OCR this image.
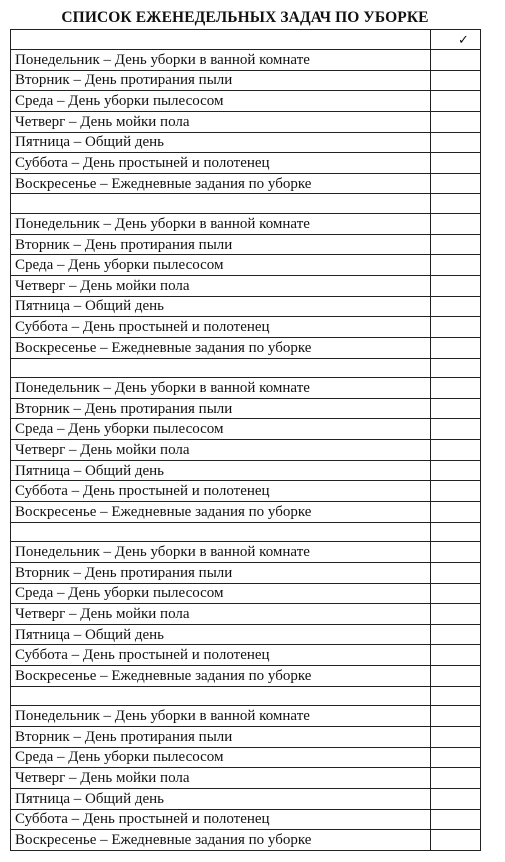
СПИСОК ЕЖЕНЕДЕЛЬНЫХ ЗАДАЧ ПО УБОРКЕ
	✓
Понедельник – День уборки в ванной комнате	
Вторник – День протирания пыли	
Среда – День уборки пылесосом	
Четверг – День мойки пола	
Пятница – Общий день	
Суббота – День простыней и полотенец	
Воскресенье – Ежедневные задания по уборке	

Понедельник – День уборки в ванной комнате	
Вторник – День протирания пыли	
Среда – День уборки пылесосом	
Четверг – День мойки пола	
Пятница – Общий день	
Суббота – День простыней и полотенец	
Воскресенье – Ежедневные задания по уборке	

Понедельник – День уборки в ванной комнате	
Вторник – День протирания пыли	
Среда – День уборки пылесосом	
Четверг – День мойки пола	
Пятница – Общий день	
Суббота – День простыней и полотенец	
Воскресенье – Ежедневные задания по уборке	

Понедельник – День уборки в ванной комнате	
Вторник – День протирания пыли	
Среда – День уборки пылесосом	
Четверг – День мойки пола	
Пятница – Общий день	
Суббота – День простыней и полотенец	
Воскресенье – Ежедневные задания по уборке	

Понедельник – День уборки в ванной комнате	
Вторник – День протирания пыли	
Среда – День уборки пылесосом	
Четверг – День мойки пола	
Пятница – Общий день	
Суббота – День простыней и полотенец	
Воскресенье – Ежедневные задания по уборке	
